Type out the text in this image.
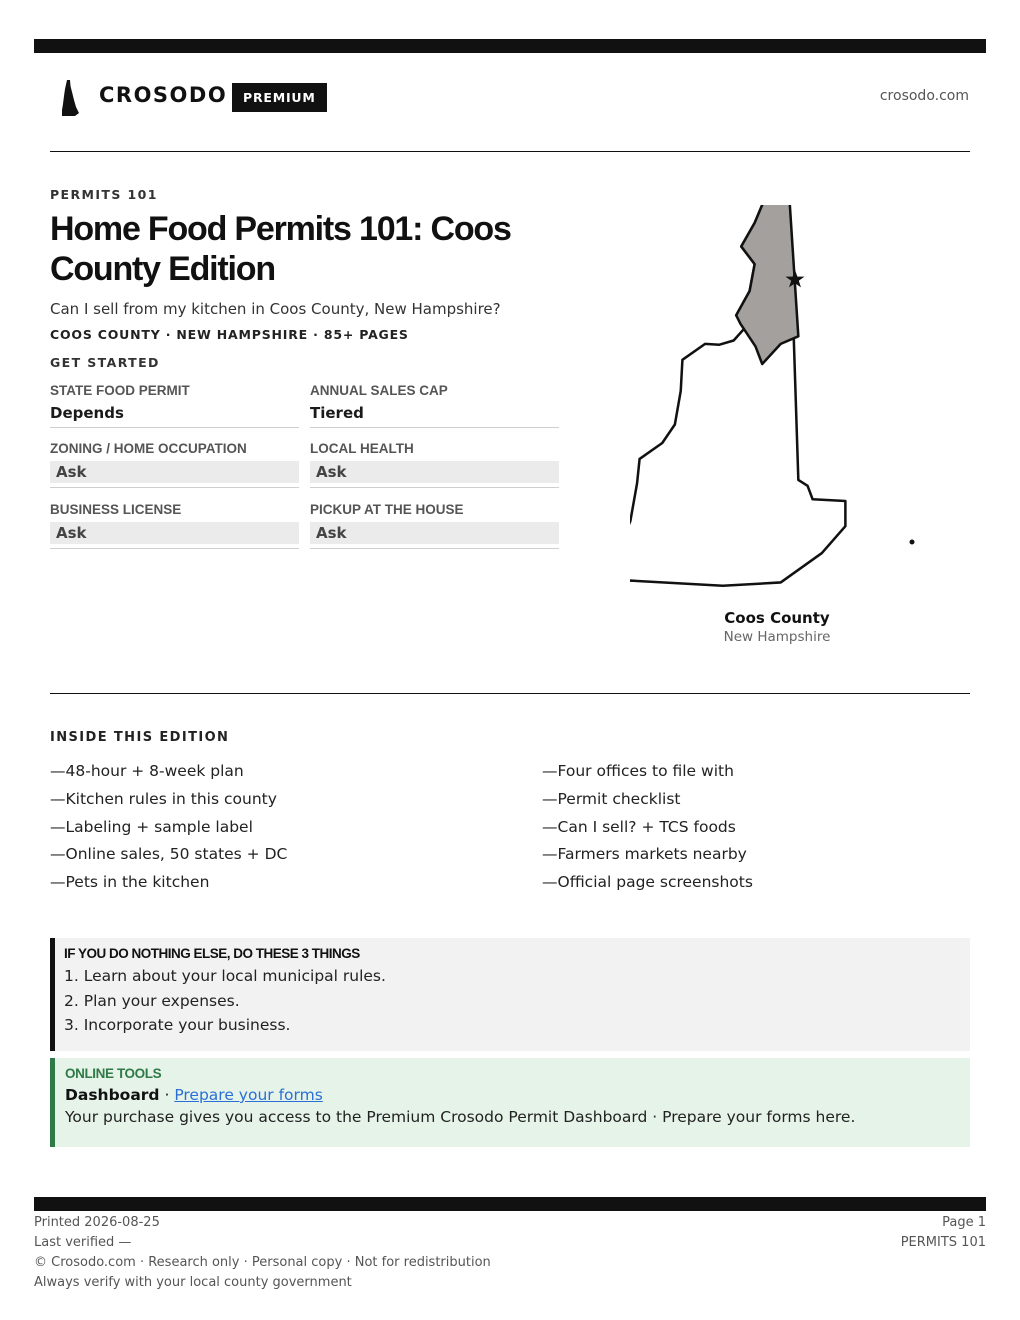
CROSODO	PREMIUM	crosodo.com
PERMITS 101
Home Food Permits 101: Coos County Edition
Can I sell from my kitchen in Coos County, New Hampshire?
COOS COUNTY · NEW HAMPSHIRE · 85+ PAGES
GET STARTED
STATE FOOD PERMIT
Depends
ANNUAL SALES CAP
Tiered
ZONING / HOME OCCUPATION
Ask
LOCAL HEALTH
Ask
BUSINESS LICENSE
Ask
PICKUP AT THE HOUSE
Ask
Coos County
New Hampshire
INSIDE THIS EDITION
—48-hour + 8-week plan
—Kitchen rules in this county
—Labeling + sample label
—Online sales, 50 states + DC
—Pets in the kitchen
—Four offices to file with
—Permit checklist
—Can I sell? + TCS foods
—Farmers markets nearby
—Official page screenshots
IF YOU DO NOTHING ELSE, DO THESE 3 THINGS
1. Learn about your local municipal rules.
2. Plan your expenses.
3. Incorporate your business.
ONLINE TOOLS
Dashboard · Prepare your forms
Your purchase gives you access to the Premium Crosodo Permit Dashboard · Prepare your forms here.
Printed 2026-08-25
Last verified —
© Crosodo.com · Research only · Personal copy · Not for redistribution
Always verify with your local county government
Page 1
PERMITS 101
